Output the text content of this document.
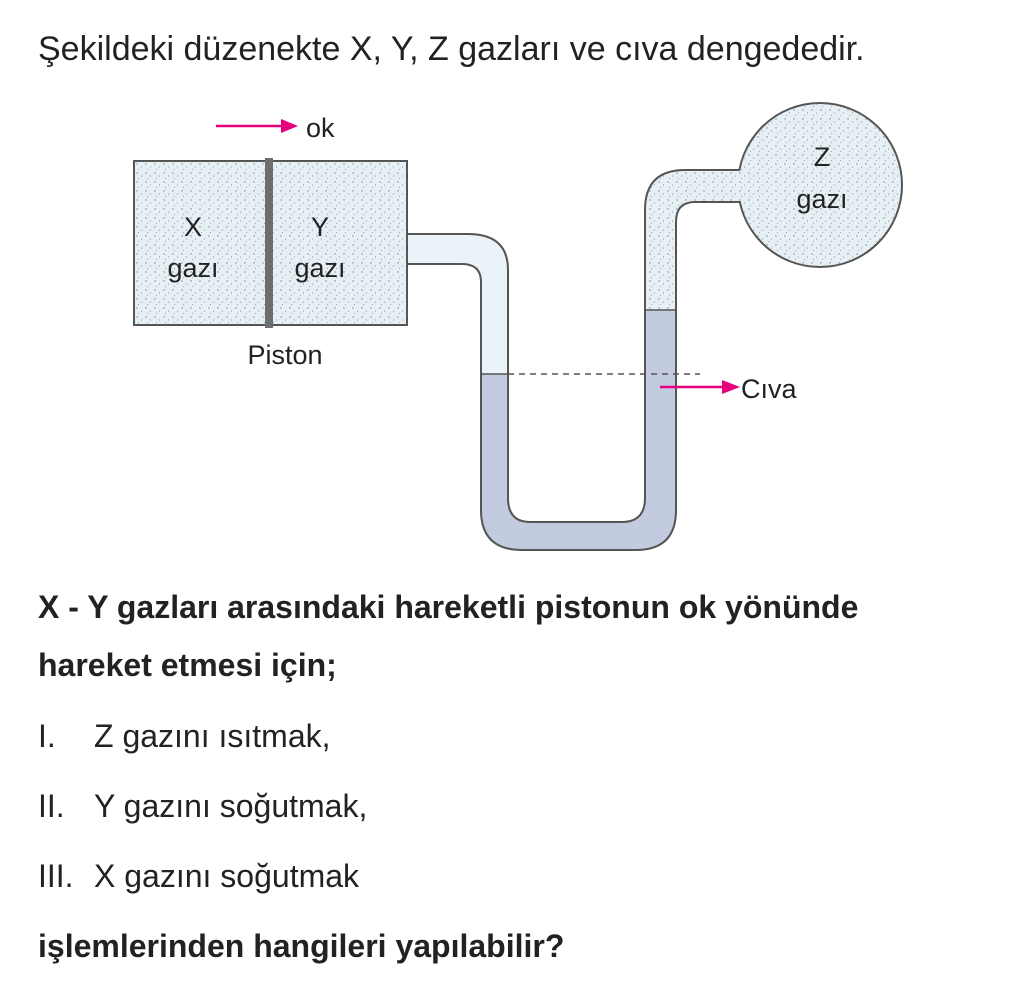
Şekildeki düzenekte X, Y, Z gazları ve cıva dengededir.
X
gazı
Y
gazı
Z
gazı
Piston
ok
Cıva
X - Y gazları arasındaki hareketli pistonun ok yönünde
hareket etmesi için;
I. Z gazını ısıtmak,
II. Y gazını soğutmak,
III. X gazını soğutmak
işlemlerinden hangileri yapılabilir?
